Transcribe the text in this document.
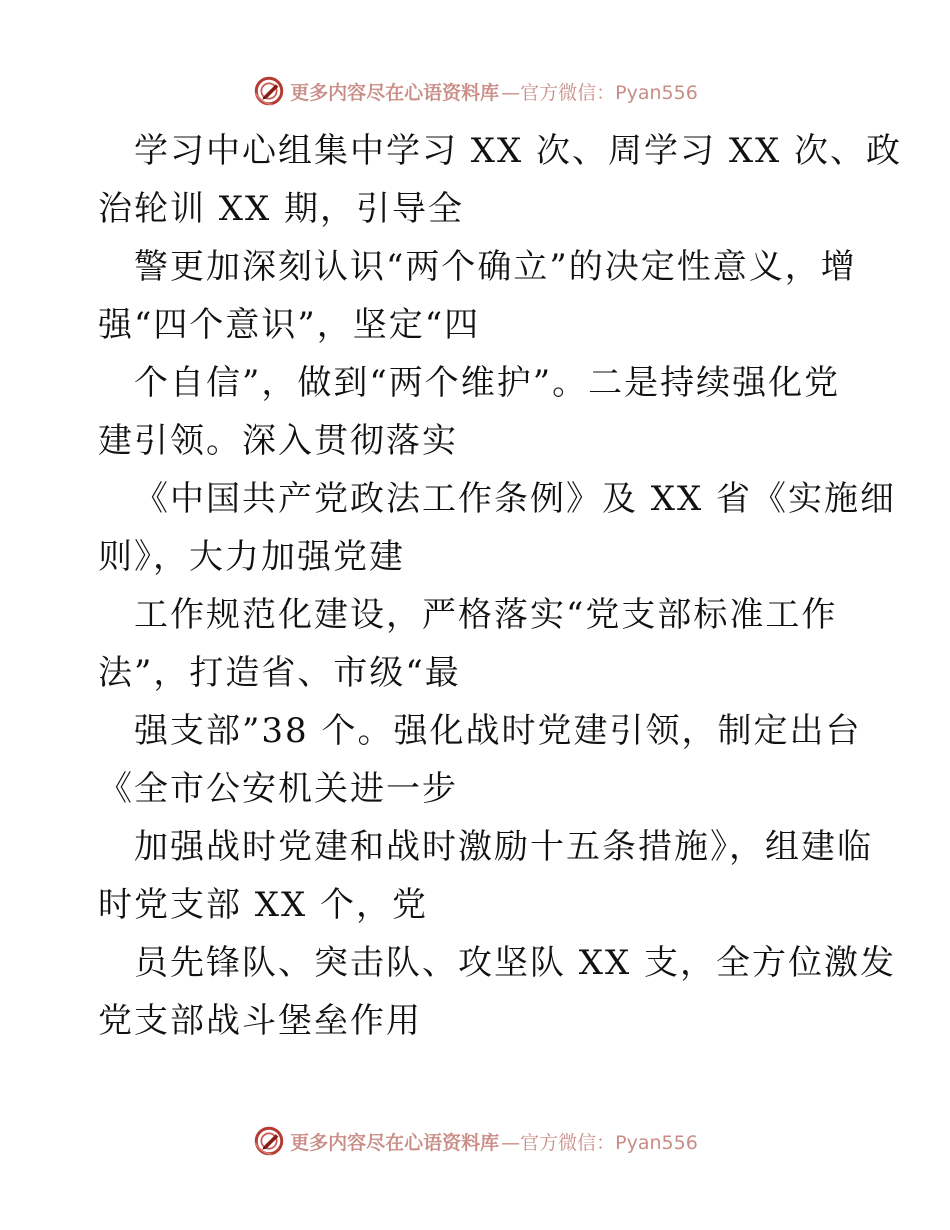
更多内容尽在心语资料库 —官方微信：Pyan556
学习中心组集中学习 XX 次、周学习 XX 次、政
治轮训 XX 期，引导全
警更加深刻认识“两个确立”的决定性意义，增
强“四个意识”，坚定“四
个自信”，做到“两个维护”。二是持续强化党
建引领。深入贯彻落实
《中国共产党政法工作条例》及 XX 省《实施细
则》，大力加强党建
工作规范化建设，严格落实“党支部标准工作
法”，打造省、市级“最
强支部”38 个。强化战时党建引领，制定出台
《全市公安机关进一步
加强战时党建和战时激励十五条措施》，组建临
时党支部 XX 个，党
员先锋队、突击队、攻坚队 XX 支，全方位激发
党支部战斗堡垒作用
更多内容尽在心语资料库 —官方微信：Pyan556
